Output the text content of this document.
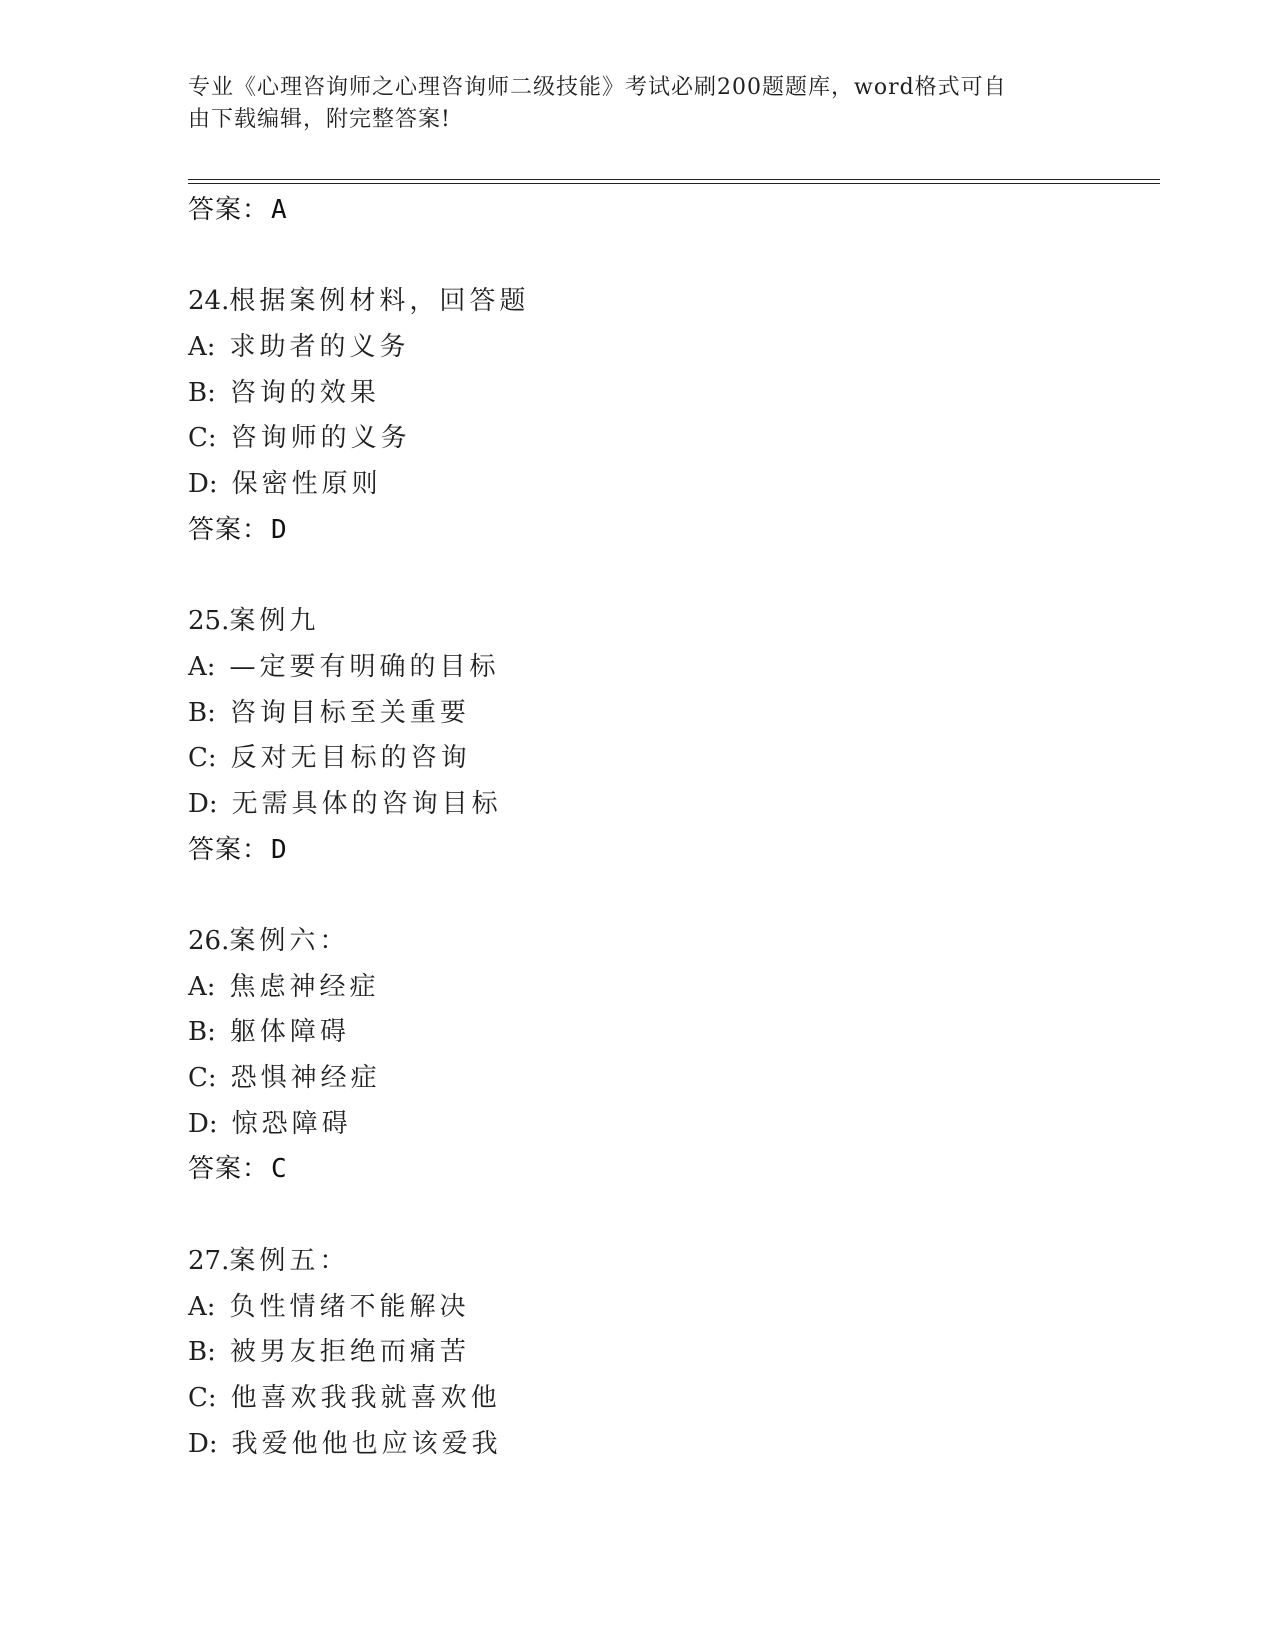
专业《心理咨询师之心理咨询师二级技能》考试必刷200题题库，word格式可自
由下载编辑，附完整答案!
答案：A
24.根据案例材料，回答题
A: 求助者的义务
B: 咨询的效果
C: 咨询师的义务
D: 保密性原则
答案：D
25.案例九
A: —定要有明确的目标
B: 咨询目标至关重要
C: 反对无目标的咨询
D: 无需具体的咨询目标
答案：D
26.案例六：
A: 焦虑神经症
B: 躯体障碍
C: 恐惧神经症
D: 惊恐障碍
答案：C
27.案例五：
A: 负性情绪不能解决
B: 被男友拒绝而痛苦
C: 他喜欢我我就喜欢他
D: 我爱他他也应该爱我
